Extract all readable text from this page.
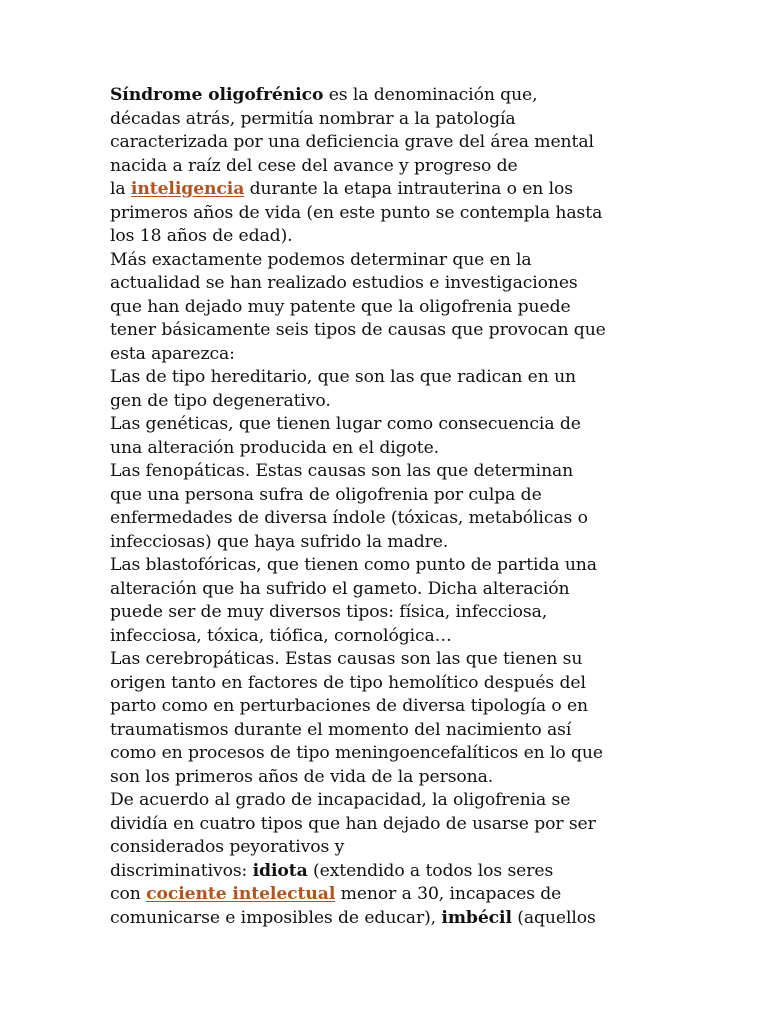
Síndrome oligofrénico es la denominación que,
décadas atrás, permitía nombrar a la patología
caracterizada por una deficiencia grave del área mental
nacida a raíz del cese del avance y progreso de
la inteligencia durante la etapa intrauterina o en los
primeros años de vida (en este punto se contempla hasta
los 18 años de edad).
Más exactamente podemos determinar que en la
actualidad se han realizado estudios e investigaciones
que han dejado muy patente que la oligofrenia puede
tener básicamente seis tipos de causas que provocan que
esta aparezca:
Las de tipo hereditario, que son las que radican en un
gen de tipo degenerativo.
Las genéticas, que tienen lugar como consecuencia de
una alteración producida en el digote.
Las fenopáticas. Estas causas son las que determinan
que una persona sufra de oligofrenia por culpa de
enfermedades de diversa índole (tóxicas, metabólicas o
infecciosas) que haya sufrido la madre.
Las blastofóricas, que tienen como punto de partida una
alteración que ha sufrido el gameto. Dicha alteración
puede ser de muy diversos tipos: física, infecciosa,
infecciosa, tóxica, tiófica, cornológica…
Las cerebropáticas. Estas causas son las que tienen su
origen tanto en factores de tipo hemolítico después del
parto como en perturbaciones de diversa tipología o en
traumatismos durante el momento del nacimiento así
como en procesos de tipo meningoencefalíticos en lo que
son los primeros años de vida de la persona.
De acuerdo al grado de incapacidad, la oligofrenia se
dividía en cuatro tipos que han dejado de usarse por ser
considerados peyorativos y
discriminativos: idiota (extendido a todos los seres
con cociente intelectual menor a 30, incapaces de
comunicarse e imposibles de educar), imbécil (aquellos
